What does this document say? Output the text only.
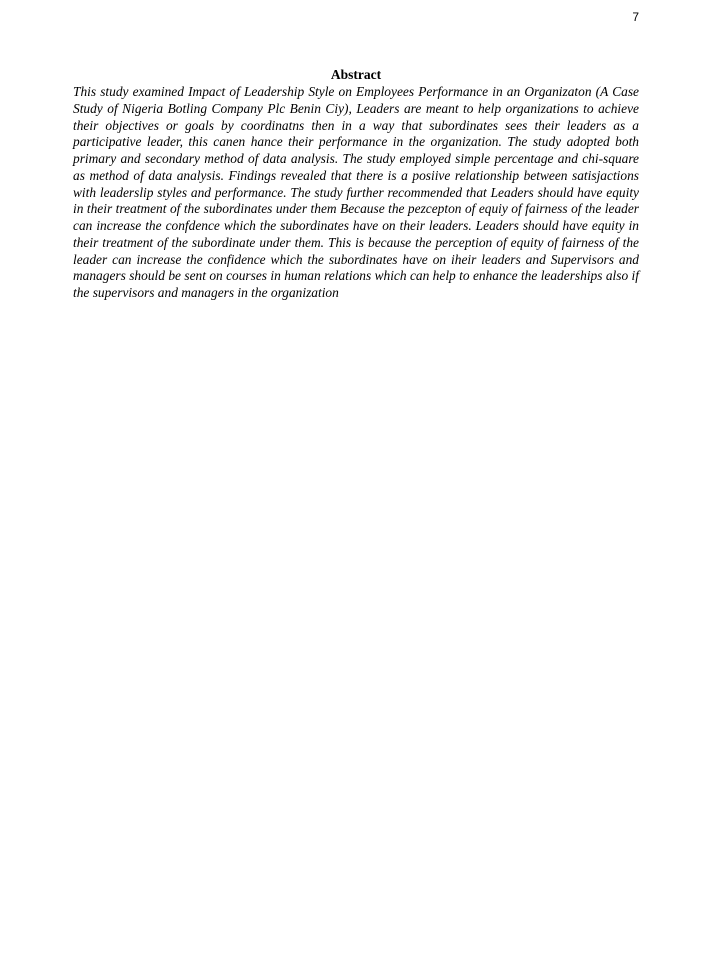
7
Abstract

This study examined Impact of Leadership Style on Employees Performance in an Organizaton (A Case Study of Nigeria Botling Company Plc Benin Ciy), Leaders are meant to help organizations to achieve their objectives or goals by coordinatns then in a way that subordinates sees their leaders as a participative leader, this canen hance their performance in the organization. The study adopted both primary and secondary method of data analysis. The study employed simple percentage and chi-square as method of data analysis. Findings revealed that there is a posiive relationship between satisjactions with leaderslip styles and performance. The study further recommended that Leaders should have equity in their treatment of the subordinates under them Because the pezcepton of equiy of fairness of the leader can increase the confdence which the subordinates have on their leaders. Leaders should have equity in their treatment of the subordinate under them. This is because the perception of equity of fairness of the leader can increase the confidence which the subordinates have on iheir leaders and Supervisors and managers should be sent on courses in human relations which can help to enhance the leaderships also if the supervisors and managers in the organization
